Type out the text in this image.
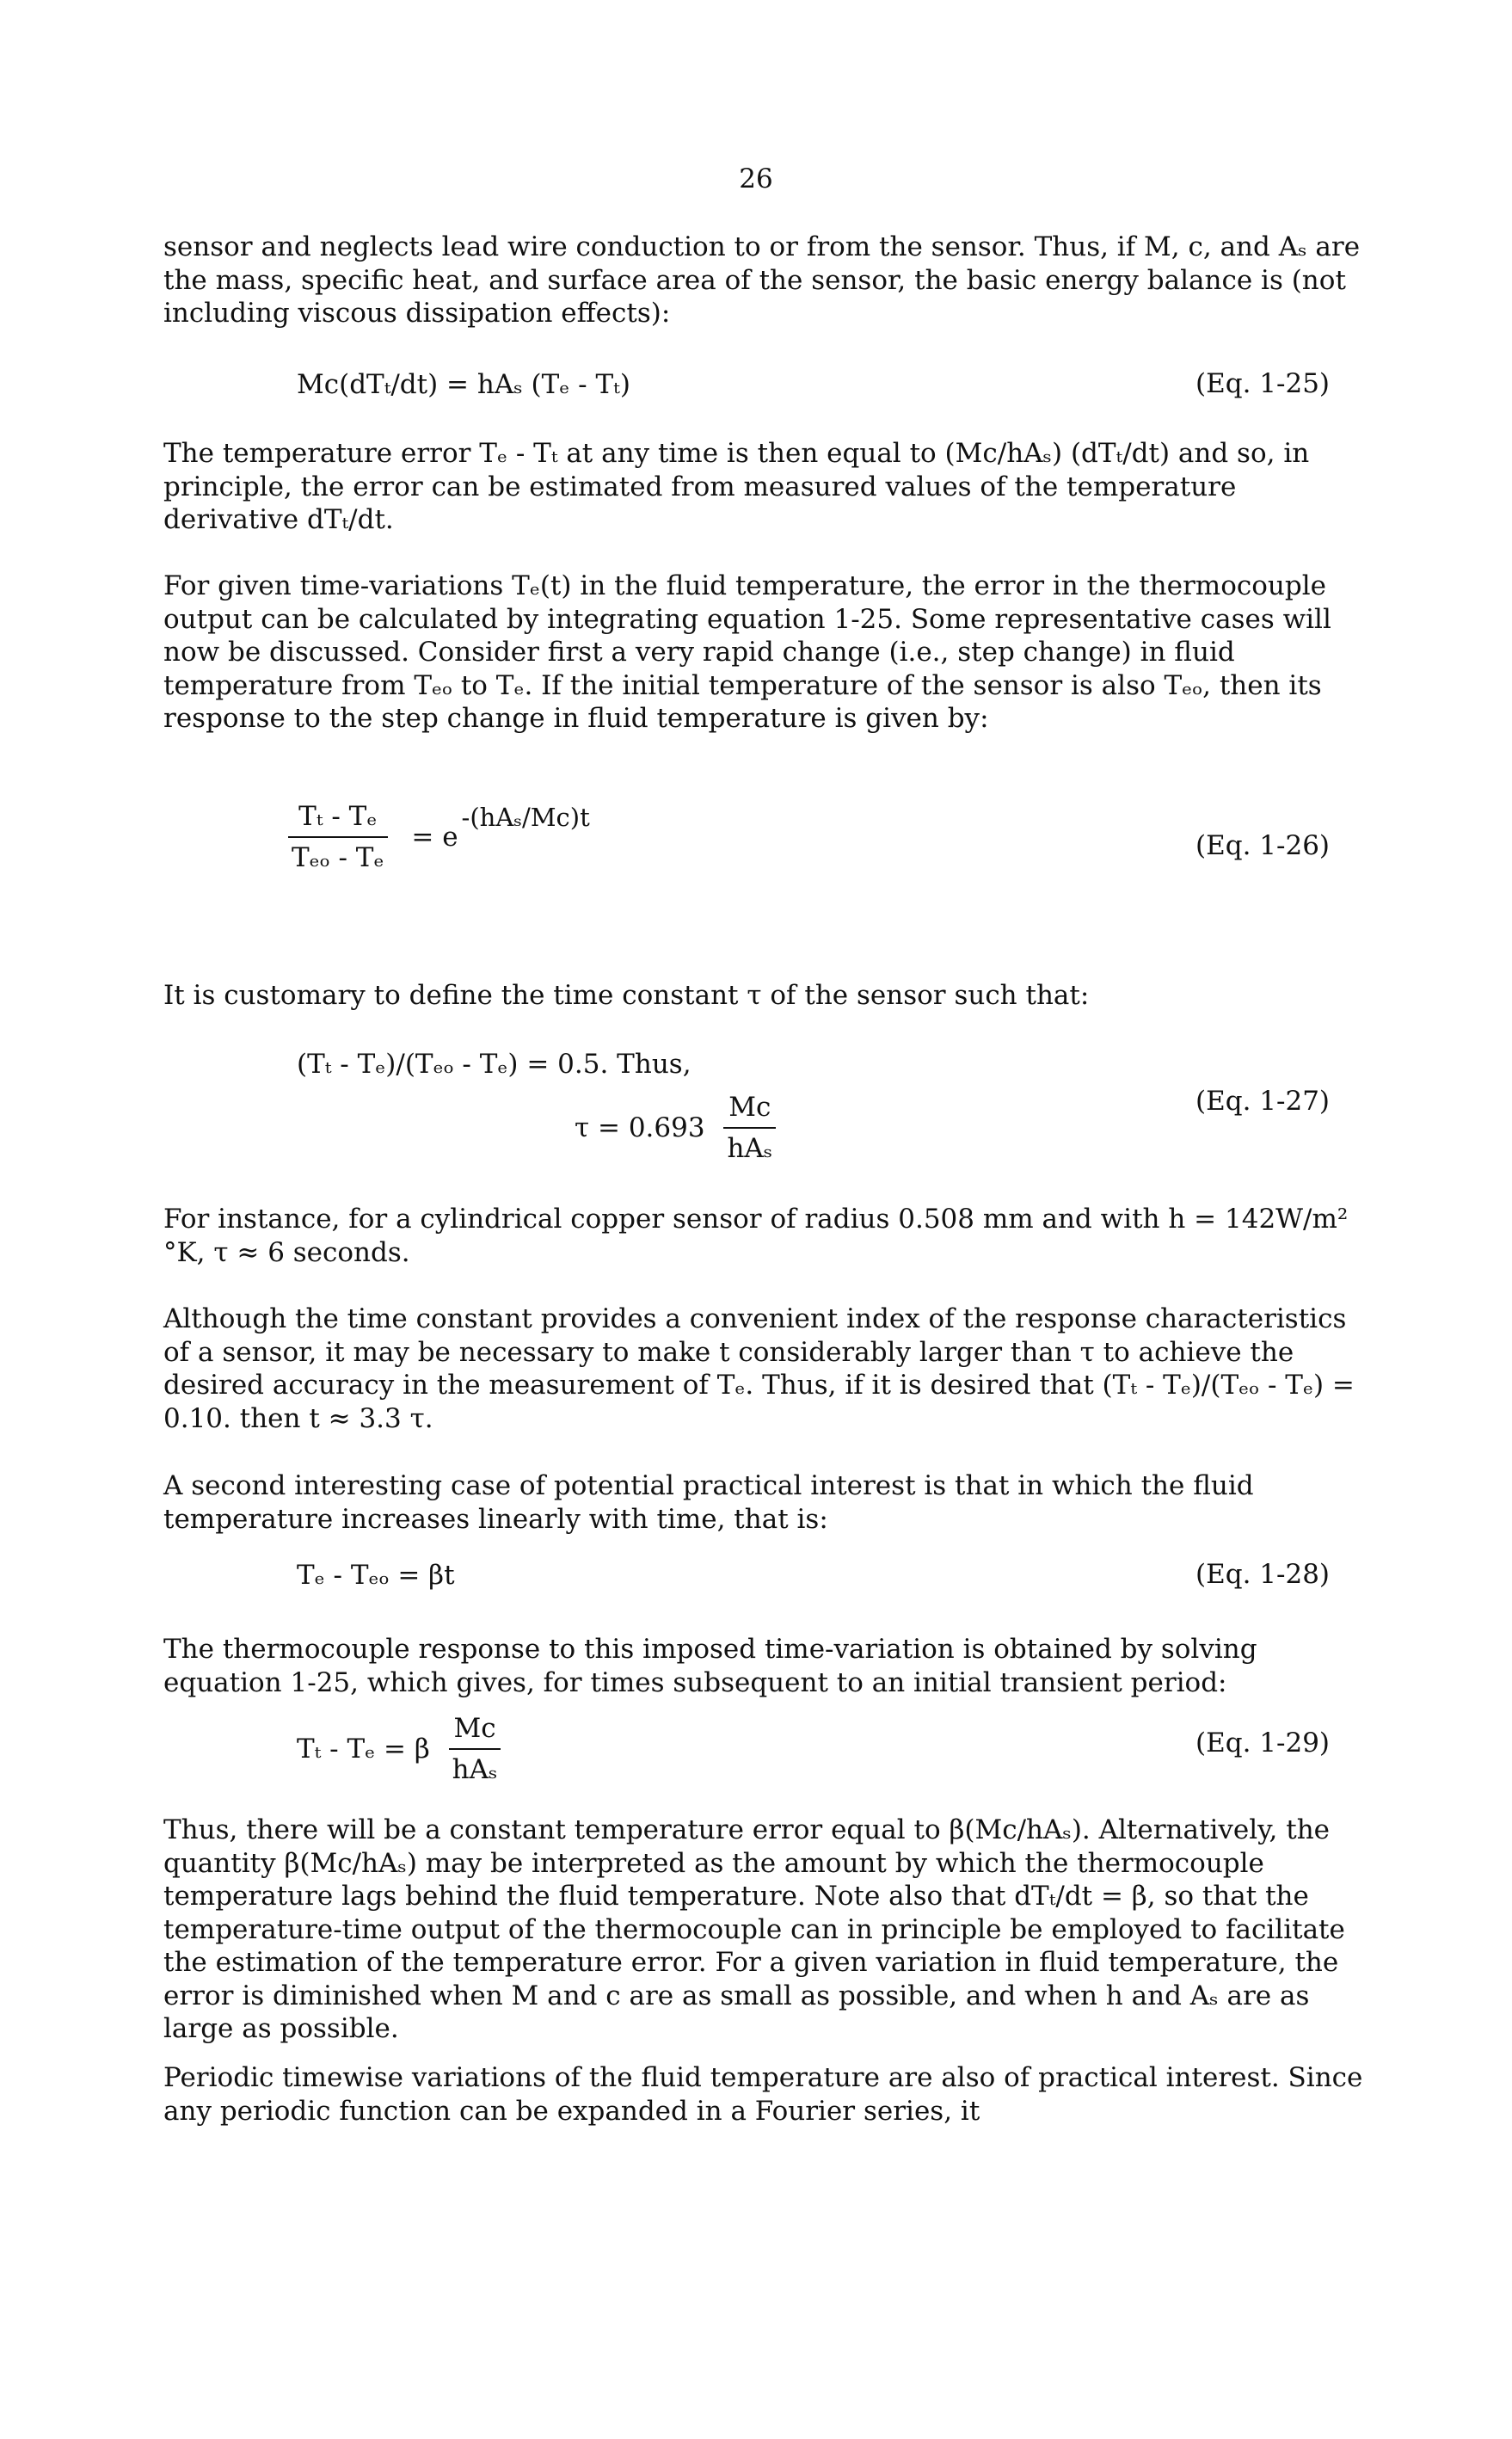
26
sensor and neglects lead wire conduction to or from the sensor. Thus, if M, c, and Aₛ are the mass, specific heat, and surface area of the sensor, the basic energy balance is (not including viscous dissipation effects):
Mc(dTₜ/dt) = hAₛ (Tₑ - Tₜ)	(Eq. 1-25)
The temperature error Tₑ - Tₜ at any time is then equal to (Mc/hAₛ) (dTₜ/dt) and so, in principle, the error can be estimated from measured values of the temperature derivative dTₜ/dt.
For given time-variations Tₑ(t) in the fluid temperature, the error in the thermocouple output can be calculated by integrating equation 1-25. Some representative cases will now be discussed. Consider first a very rapid change (i.e., step change) in fluid temperature from Tₑₒ to Tₑ. If the initial temperature of the sensor is also Tₑₒ, then its response to the step change in fluid temperature is given by:
$\frac{\text{Tₜ - Tₑ}}{\text{Tₑₒ - Tₑ}} = e^{-(hA_s/Mc)t}$
(Eq. 1-26)
It is customary to define the time constant τ of the sensor such that:
(Tₜ - Tₑ)/(Tₑₒ - Tₑ) = 0.5. Thus,
$\tau = 0.693 \frac{Mc}{\text{hAₛ}}$	(Eq. 1-27)
For instance, for a cylindrical copper sensor of radius 0.508 mm and with h = 142W/m² °K, τ ≈ 6 seconds.
Although the time constant provides a convenient index of the response characteristics of a sensor, it may be necessary to make t considerably larger than τ to achieve the desired accuracy in the measurement of Tₑ. Thus, if it is desired that (Tₜ - Tₑ)/(Tₑₒ - Tₑ) = 0.10. then t ≈ 3.3 τ.
A second interesting case of potential practical interest is that in which the fluid temperature increases linearly with time, that is:
Tₑ - Tₑₒ = βt	(Eq. 1-28)
The thermocouple response to this imposed time-variation is obtained by solving equation 1-25, which gives, for times subsequent to an initial transient period:
Tₜ - Tₑ = β $\frac{Mc}{\text{hAₛ}}$	(Eq. 1-29)
Thus, there will be a constant temperature error equal to β(Mc/hAₛ). Alternatively, the quantity β(Mc/hAₛ) may be interpreted as the amount by which the thermocouple temperature lags behind the fluid temperature. Note also that dTₜ/dt = β, so that the temperature-time output of the thermocouple can in principle be employed to facilitate the estimation of the temperature error. For a given variation in fluid temperature, the error is diminished when M and c are as small as possible, and when h and Aₛ are as large as possible.
Periodic timewise variations of the fluid temperature are also of practical interest. Since any periodic function can be expanded in a Fourier series, it
